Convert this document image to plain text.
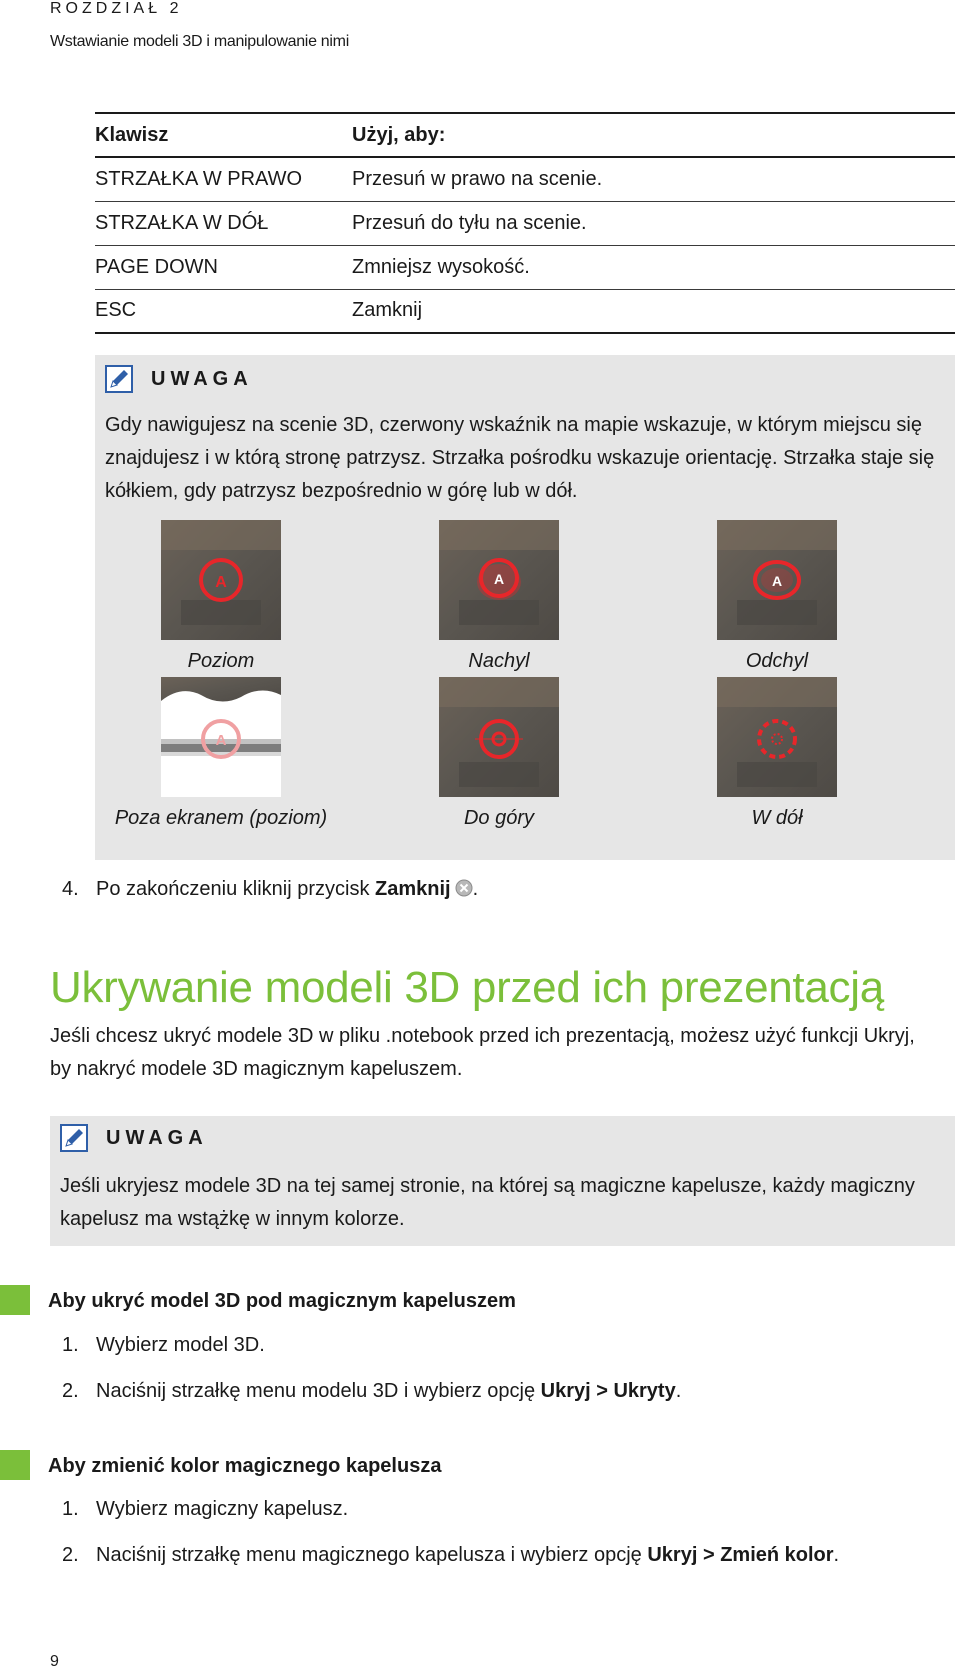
ROZDZIAŁ 2
Wstawianie modeli 3D i manipulowanie nimi
Klawisz	Użyj, aby:
STRZAŁKA W PRAWO	Przesuń w prawo na scenie.
STRZAŁKA W DÓŁ	Przesuń do tyłu na scenie.
PAGE DOWN	Zmniejsz wysokość.
ESC	Zamknij
UWAGA
Gdy nawigujesz na scenie 3D, czerwony wskaźnik na mapie wskazuje, w którym miejscu się znajdujesz i w którą stronę patrzysz. Strzałka pośrodku wskazuje orientację. Strzałka staje się kółkiem, gdy patrzysz bezpośrednio w górę lub w dół.
A
Poziom
A
Nachyl
A
Odchyl
A
Poza ekranem (poziom)	Do góry	W dół
4. Po zakończeniu kliknij przycisk Zamknij .
Ukrywanie modeli 3D przed ich prezentacją
Jeśli chcesz ukryć modele 3D w pliku .notebook przed ich prezentacją, możesz użyć funkcji Ukryj, by nakryć modele 3D magicznym kapeluszem.
UWAGA
Jeśli ukryjesz modele 3D na tej samej stronie, na której są magiczne kapelusze, każdy magiczny kapelusz ma wstążkę w innym kolorze.
Aby ukryć model 3D pod magicznym kapeluszem
1. Wybierz model 3D.
2. Naciśnij strzałkę menu modelu 3D i wybierz opcję Ukryj > Ukryty.
Aby zmienić kolor magicznego kapelusza
1. Wybierz magiczny kapelusz.
2. Naciśnij strzałkę menu magicznego kapelusza i wybierz opcję Ukryj > Zmień kolor.
9
